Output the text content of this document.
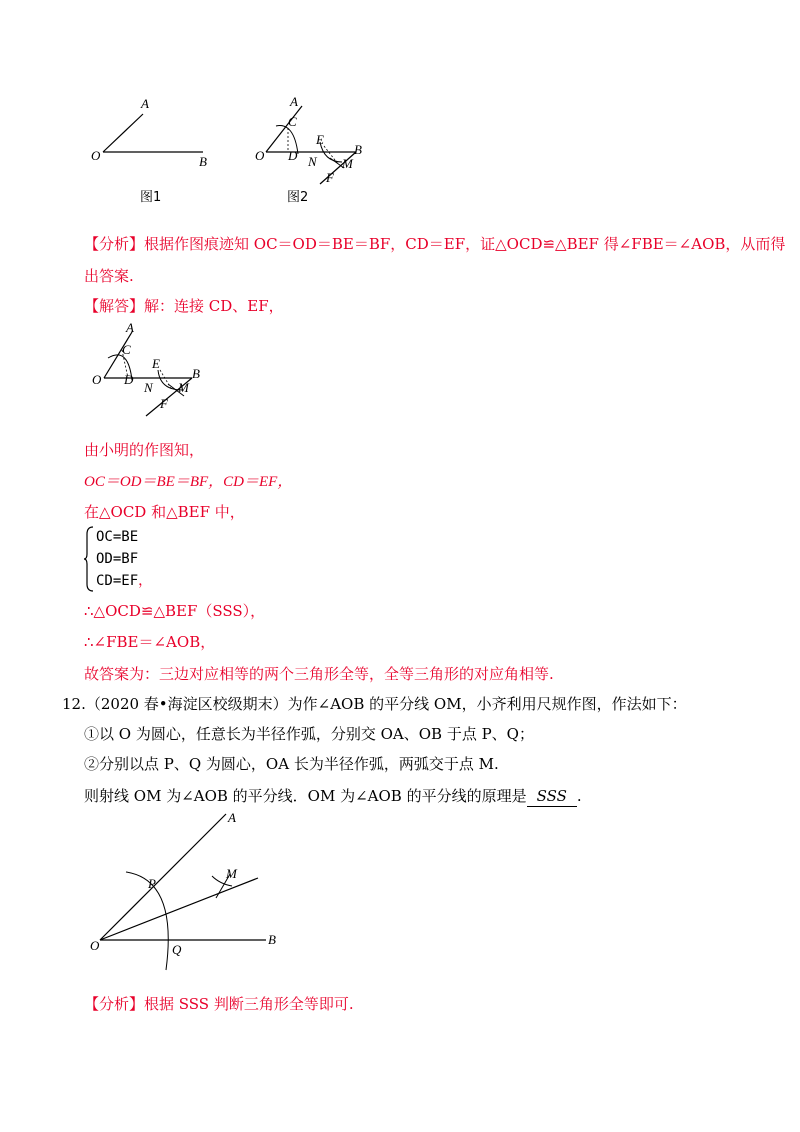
A
O	B
图1
A
C
O D
E
B
N M
F
图2
【分析】根据作图痕迹知 OC＝OD＝BE＝BF，CD＝EF，证△OCD≌△BEF 得∠FBE＝∠AOB，从而得
出答案.
【解答】解：连接 CD、EF，
A
C
O D
E
B
N M
F
由小明的作图知，
OC＝OD＝BE＝BF，CD＝EF，
在△OCD 和△BEF 中，
OC=BE
OD=BF
CD=EF，
∴△OCD≌△BEF（SSS），
∴∠FBE＝∠AOB，
故答案为：三边对应相等的两个三角形全等，全等三角形的对应角相等.
12.（2020 春•海淀区校级期末）为作∠AOB 的平分线 OM，小齐利用尺规作图，作法如下：
①以 O 为圆心，任意长为半径作弧，分别交 OA、OB 于点 P、Q；
②分别以点 P、Q 为圆心，OA 长为半径作弧，两弧交于点 M.
则射线 OM 为∠AOB 的平分线．OM 为∠AOB 的平分线的原理是 SSS .
A
P
M
O	Q
B
【分析】根据 SSS 判断三角形全等即可.
